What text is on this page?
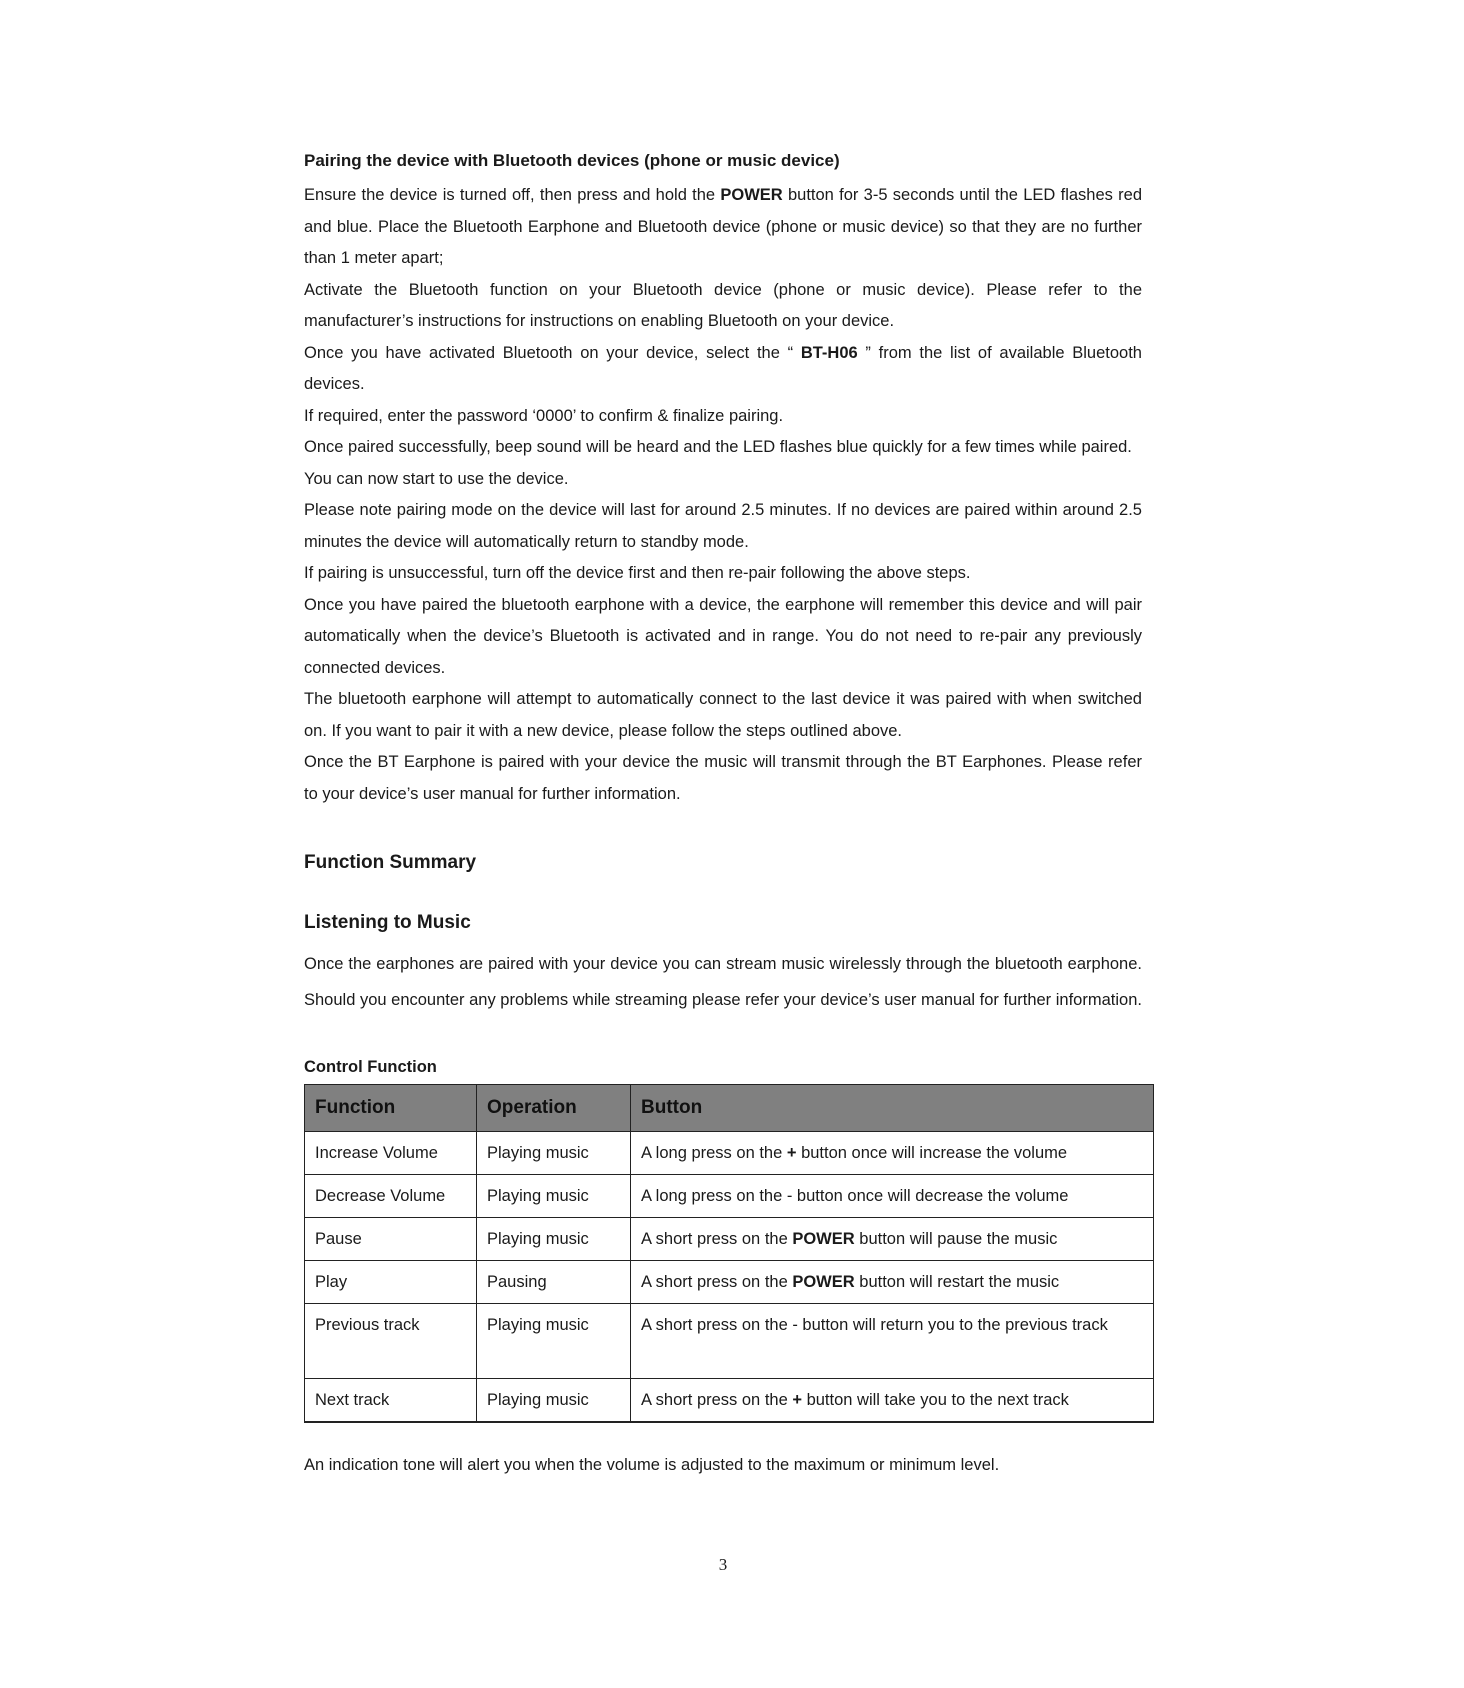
Pairing the device with Bluetooth devices (phone or music device)

Ensure the device is turned off, then press and hold the POWER button for 3-5 seconds until the LED flashes red and blue. Place the Bluetooth Earphone and Bluetooth device (phone or music device) so that they are no further than 1 meter apart;

Activate the Bluetooth function on your Bluetooth device (phone or music device). Please refer to the manufacturer’s instructions for instructions on enabling Bluetooth on your device.

Once you have activated Bluetooth on your device, select the “ BT-H06 ” from the list of available Bluetooth devices.

If required, enter the password ‘0000’ to confirm & finalize pairing.

Once paired successfully, beep sound will be heard and the LED flashes blue quickly for a few times while paired.

You can now start to use the device.

Please note pairing mode on the device will last for around 2.5 minutes. If no devices are paired within around 2.5 minutes the device will automatically return to standby mode.

If pairing is unsuccessful, turn off the device first and then re-pair following the above steps.

Once you have paired the bluetooth earphone with a device, the earphone will remember this device and will pair automatically when the device’s Bluetooth is activated and in range. You do not need to re-pair any previously connected devices.

The bluetooth earphone will attempt to automatically connect to the last device it was paired with when switched on. If you want to pair it with a new device, please follow the steps outlined above.

Once the BT Earphone is paired with your device the music will transmit through the BT Earphones. Please refer to your device’s user manual for further information.

Function Summary
Listening to Music

Once the earphones are paired with your device you can stream music wirelessly through the bluetooth earphone. Should you encounter any problems while streaming please refer your device’s user manual for further information.

Control Function
Function	Operation	Button
Increase Volume	Playing music	A long press on the + button once will increase the volume
Decrease Volume	Playing music	A long press on the - button once will decrease the volume
Pause	Playing music	A short press on the POWER button will pause the music
Play	Pausing	A short press on the POWER button will restart the music
Previous track	Playing music	A short press on the - button will return you to the previous track
Next track	Playing music	A short press on the + button will take you to the next track

An indication tone will alert you when the volume is adjusted to the maximum or minimum level.

3
